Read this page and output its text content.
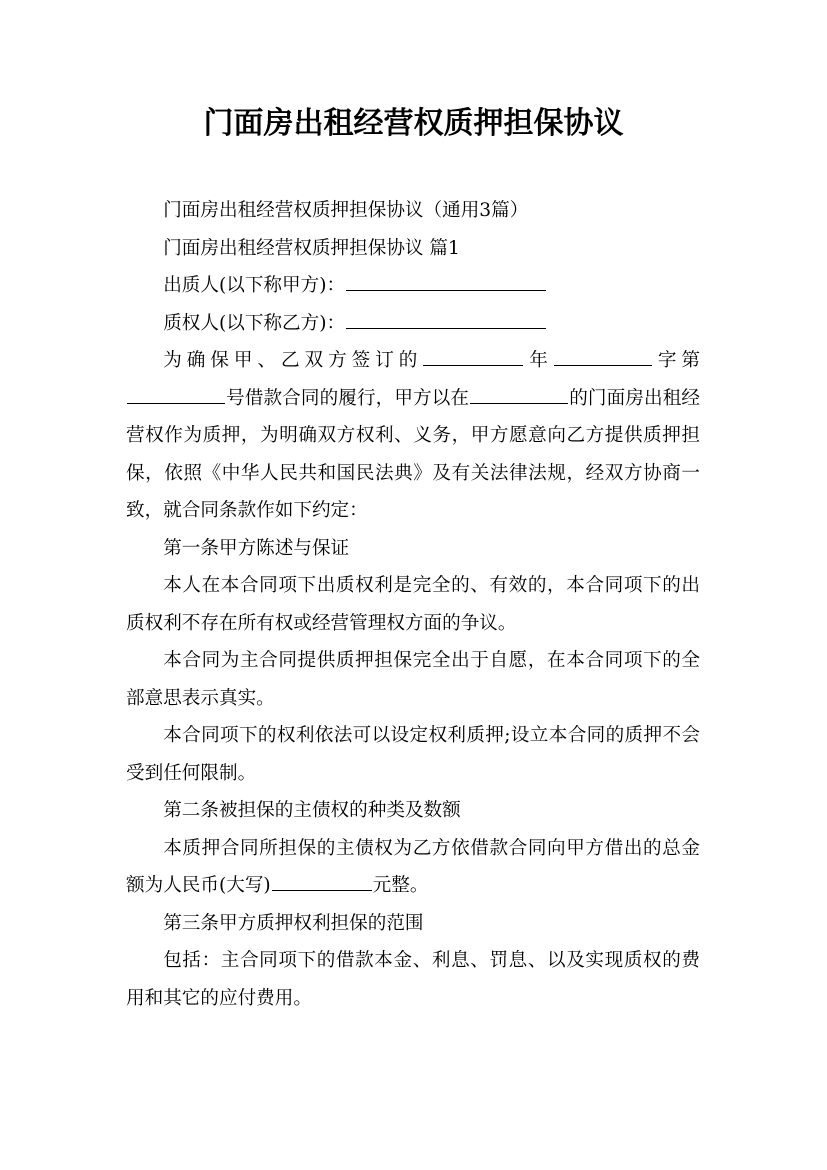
门面房出租经营权质押担保协议

门面房出租经营权质押担保协议（通用3篇）

门面房出租经营权质押担保协议 篇1

出质人(以下称甲方)：

质权人(以下称乙方)：

为确保甲、乙双方签订的	年	字第号借款合同的履行，甲方以在	的门面房出租经营权作为质押，为明确双方权利、义务，甲方愿意向乙方提供质押担保，依照《中华人民共和国民法典》及有关法律法规，经双方协商一致，就合同条款作如下约定：

第一条甲方陈述与保证

本人在本合同项下出质权利是完全的、有效的，本合同项下的出质权利不存在所有权或经营管理权方面的争议。

本合同为主合同提供质押担保完全出于自愿，在本合同项下的全部意思表示真实。

本合同项下的权利依法可以设定权利质押;设立本合同的质押不会受到任何限制。

第二条被担保的主债权的种类及数额

本质押合同所担保的主债权为乙方依借款合同向甲方借出的总金额为人民币(大写)	元整。

第三条甲方质押权利担保的范围

包括：主合同项下的借款本金、利息、罚息、以及实现质权的费用和其它的应付费用。
